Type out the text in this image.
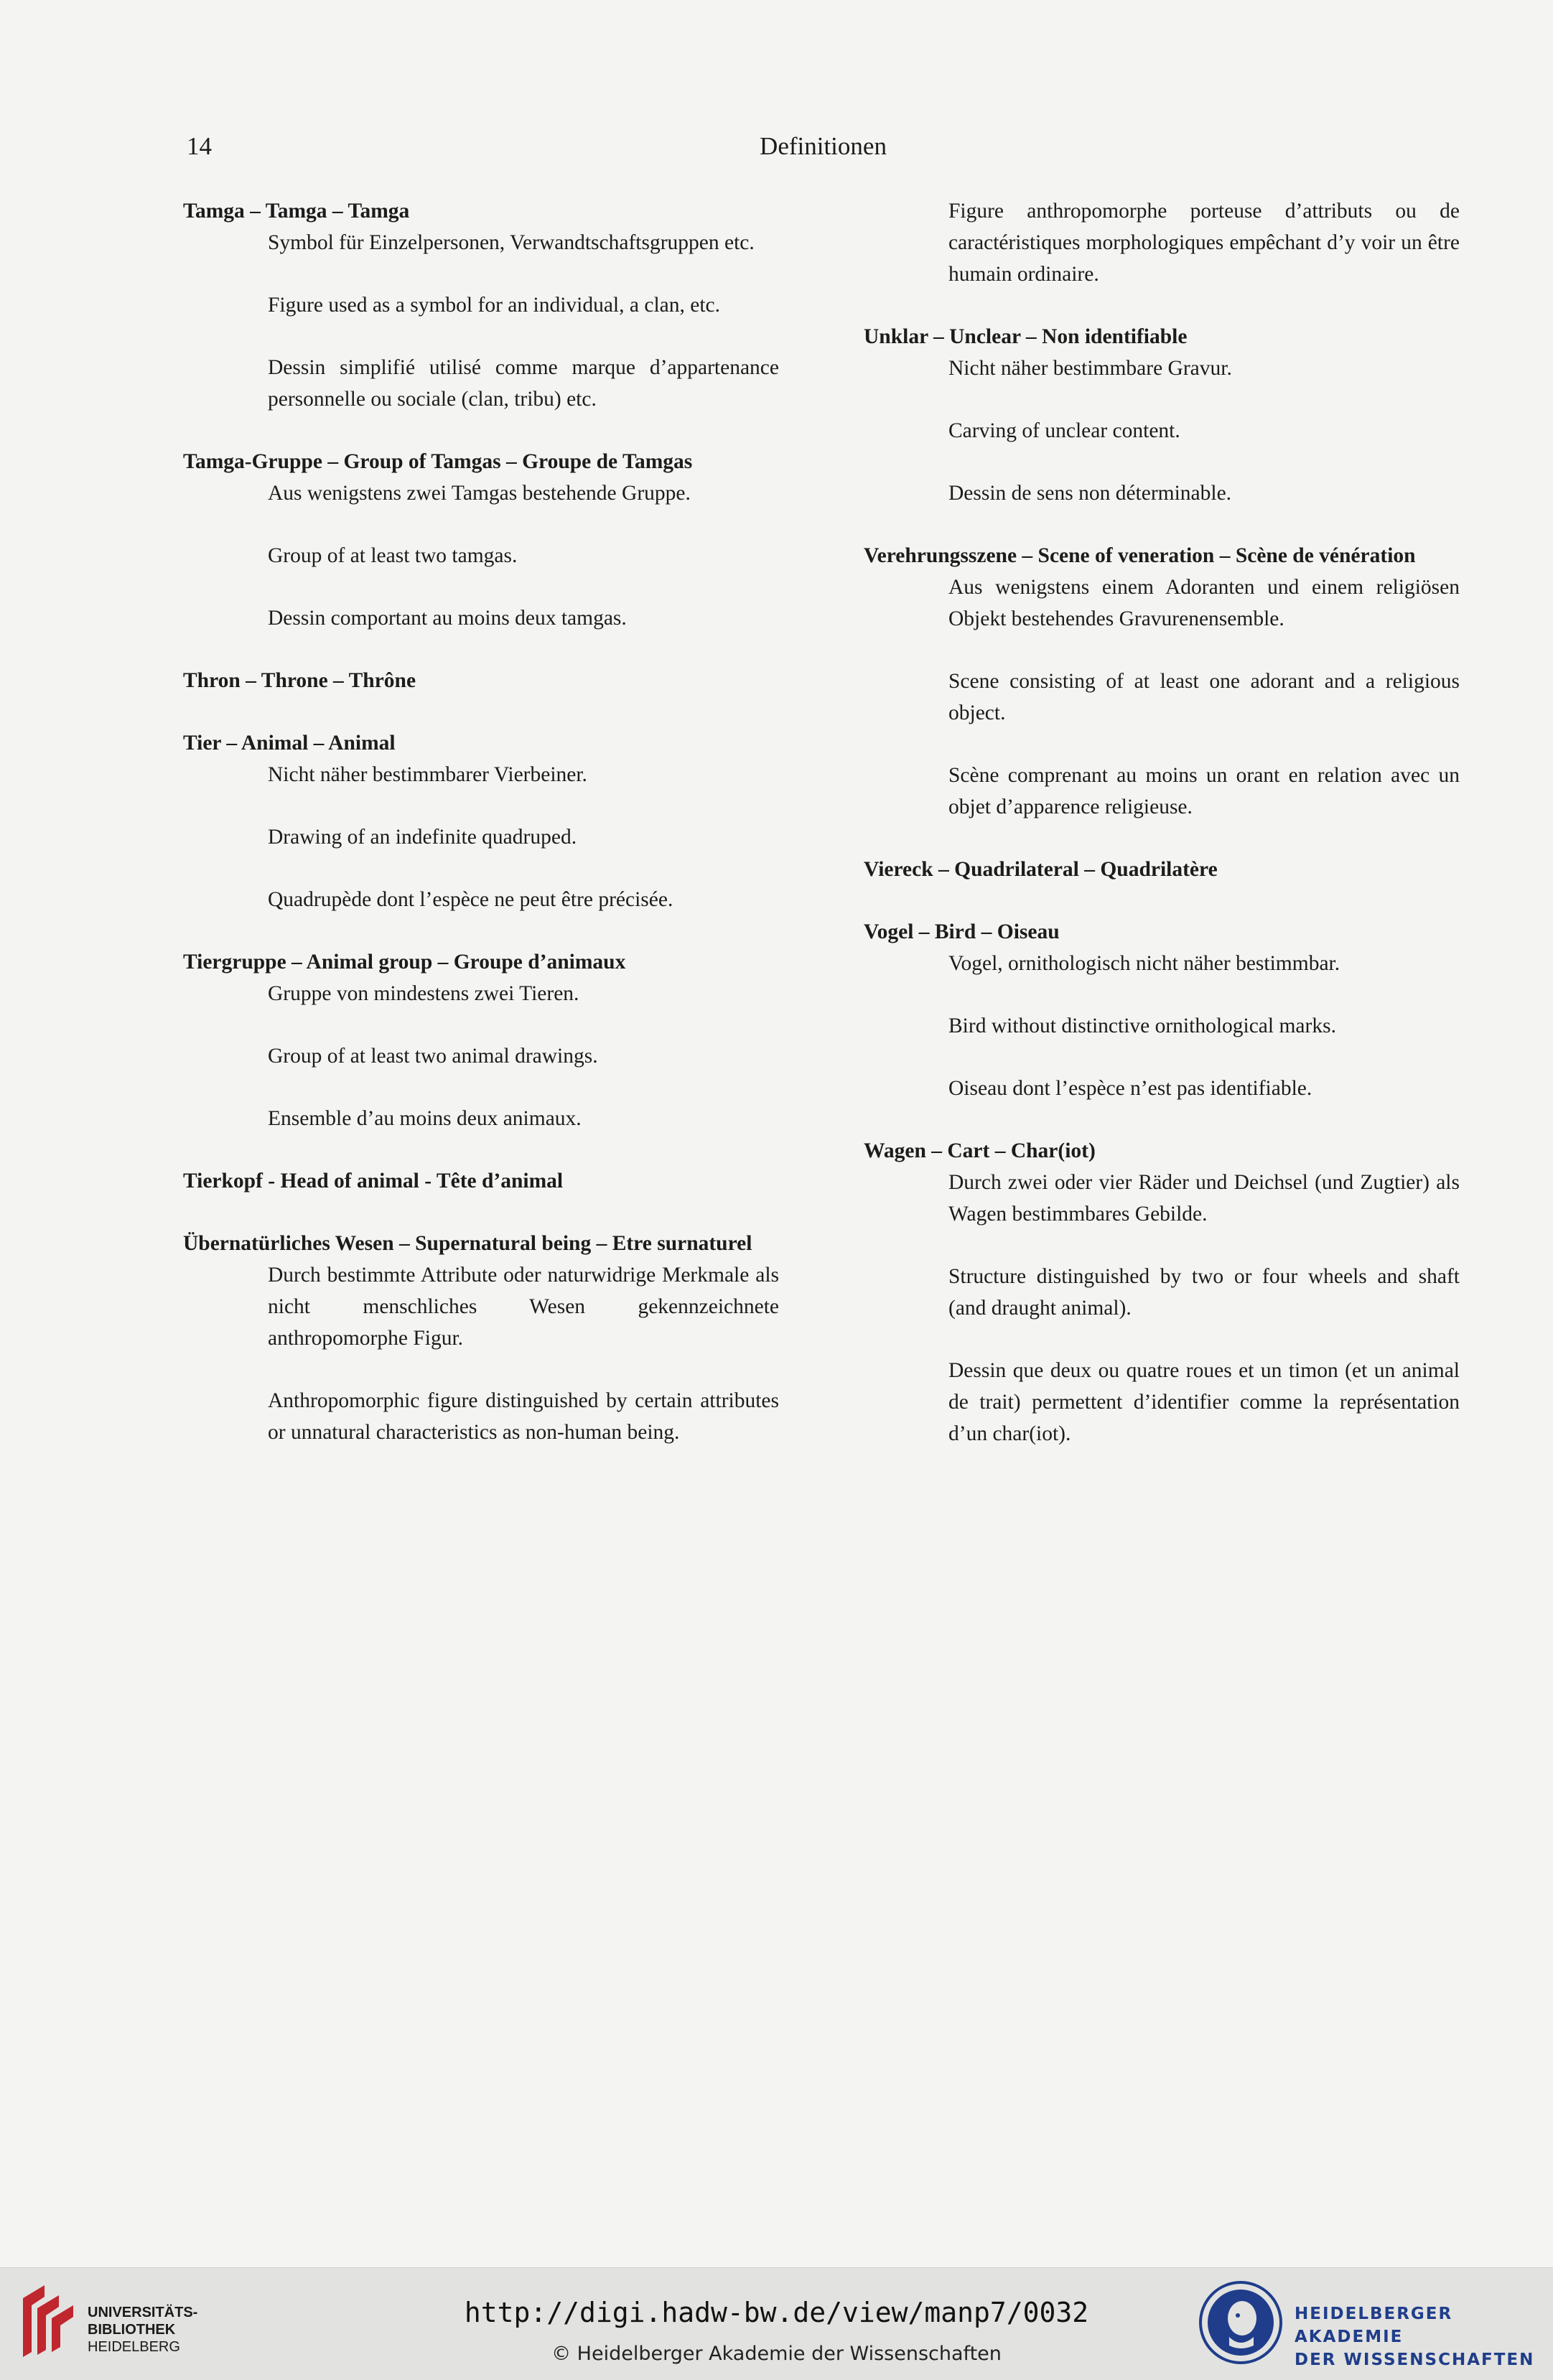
14	Definitionen
Tamga – Tamga – Tamga
Symbol für Einzelpersonen, Verwandtschaftsgruppen etc.
Figure used as a symbol for an individual, a clan, etc.
Dessin simplifié utilisé comme marque d’appartenance personnelle ou sociale (clan, tribu) etc.
Tamga-Gruppe – Group of Tamgas – Groupe de Tamgas
Aus wenigstens zwei Tamgas bestehende Gruppe.
Group of at least two tamgas.
Dessin comportant au moins deux tamgas.
Thron – Throne – Thrône
Tier – Animal – Animal
Nicht näher bestimmbarer Vierbeiner.
Drawing of an indefinite quadruped.
Quadrupède dont l’espèce ne peut être précisée.
Tiergruppe – Animal group – Groupe d’animaux
Gruppe von mindestens zwei Tieren.
Group of at least two animal drawings.
Ensemble d’au moins deux animaux.
Tierkopf - Head of animal - Tête d’animal
Übernatürliches Wesen – Supernatural being – Etre surnaturel
Durch bestimmte Attribute oder naturwidrige Merkmale als nicht menschliches Wesen gekennzeichnete anthropomorphe Figur.
Anthropomorphic figure distinguished by certain attributes or unnatural characteristics as non-human being.
Figure anthropomorphe porteuse d’attributs ou de caractéristiques morphologiques empêchant d’y voir un être humain ordinaire.
Unklar – Unclear – Non identifiable
Nicht näher bestimmbare Gravur.
Carving of unclear content.
Dessin de sens non déterminable.
Verehrungsszene – Scene of veneration – Scène de vénération
Aus wenigstens einem Adoranten und einem religiösen Objekt bestehendes Gravurenensemble.
Scene consisting of at least one adorant and a religious object.
Scène comprenant au moins un orant en relation avec un objet d’apparence religieuse.
Viereck – Quadrilateral – Quadrilatère
Vogel – Bird – Oiseau
Vogel, ornithologisch nicht näher bestimmbar.
Bird without distinctive ornithological marks.
Oiseau dont l’espèce n’est pas identifiable.
Wagen – Cart – Char(iot)
Durch zwei oder vier Räder und Deichsel (und Zugtier) als Wagen bestimmbares Gebilde.
Structure distinguished by two or four wheels and shaft (and draught animal).
Dessin que deux ou quatre roues et un timon (et un animal de trait) permettent d’identifier comme la représentation d’un char(iot).
UNIVERSITÄTS-
BIBLIOTHEK
HEIDELBERG
http://digi.hadw-bw.de/view/manp7/0032
© Heidelberger Akademie der Wissenschaften
HEIDELBERGER AKADEMIE
DER WISSENSCHAFTEN
